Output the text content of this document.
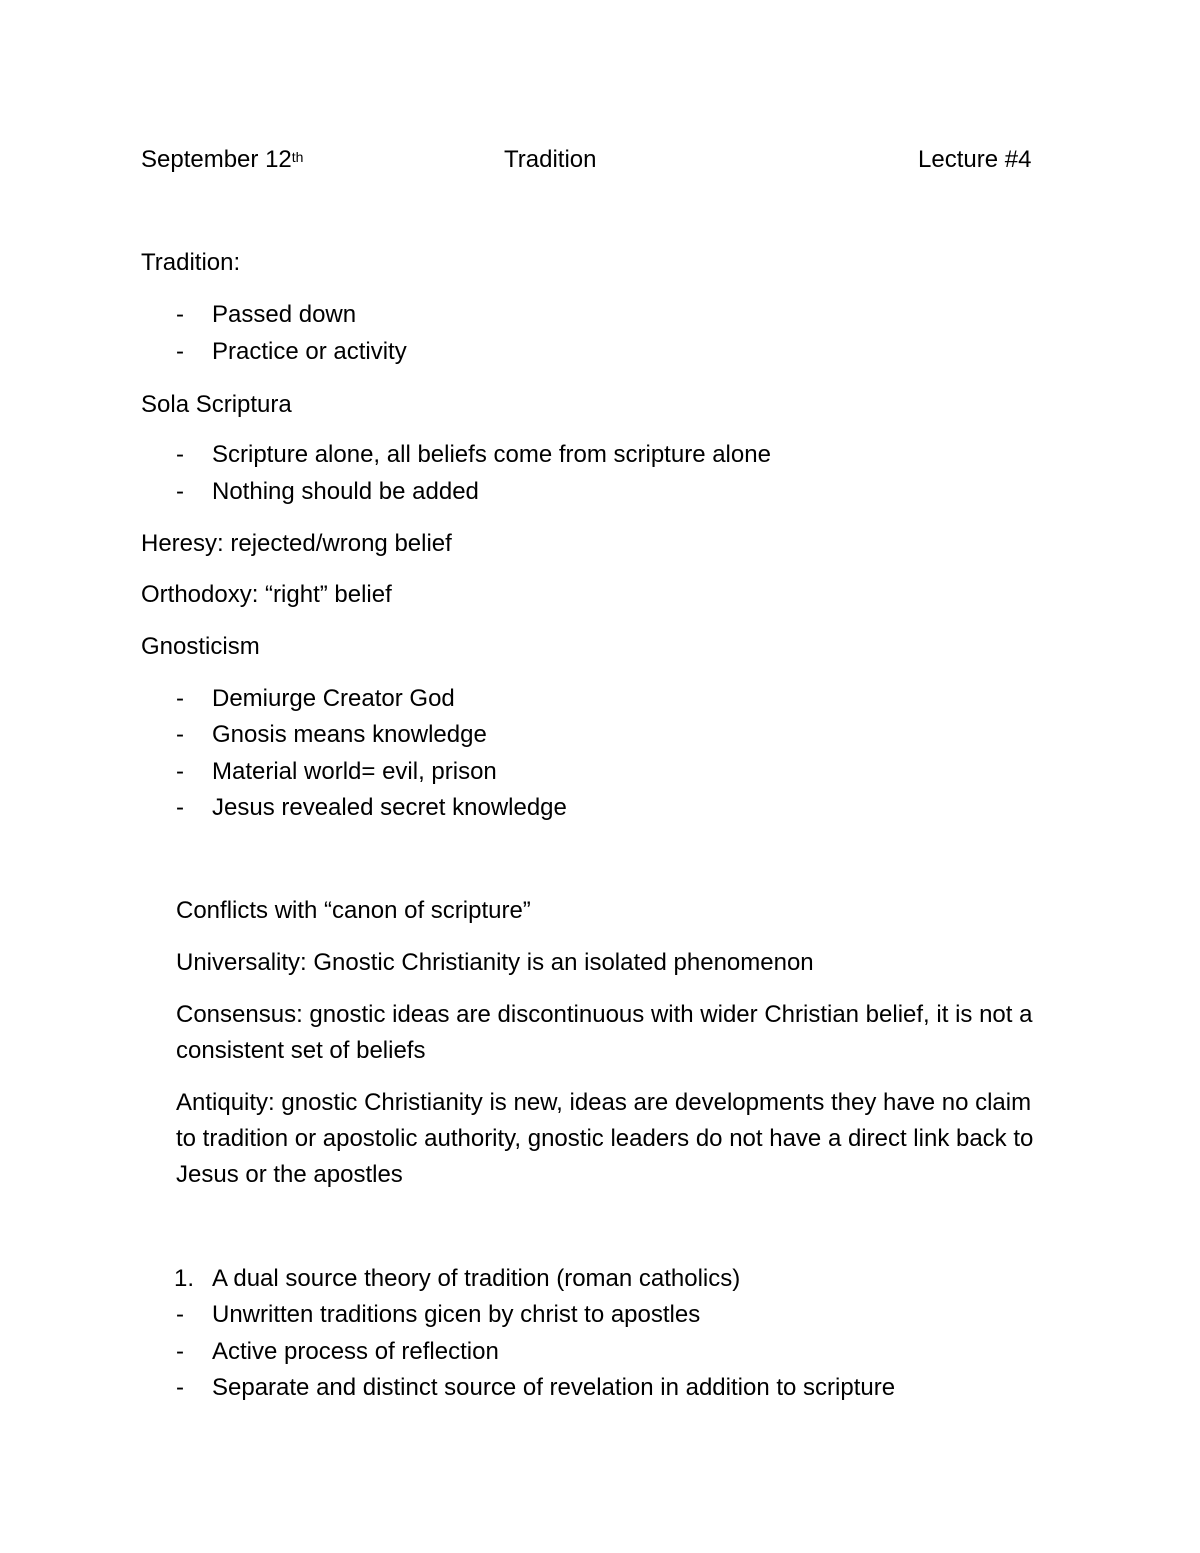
September 12th	Tradition	Lecture #4
Tradition:
- Passed down
- Practice or activity
Sola Scriptura
- Scripture alone, all beliefs come from scripture alone
- Nothing should be added
Heresy: rejected/wrong belief
Orthodoxy: “right” belief
Gnosticism
- Demiurge Creator God
- Gnosis means knowledge
- Material world= evil, prison
- Jesus revealed secret knowledge
Conflicts with “canon of scripture”
Universality: Gnostic Christianity is an isolated phenomenon
Consensus: gnostic ideas are discontinuous with wider Christian belief, it is not a consistent set of beliefs
Antiquity: gnostic Christianity is new, ideas are developments they have no claim to tradition or apostolic authority, gnostic leaders do not have a direct link back to Jesus or the apostles
1. A dual source theory of tradition (roman catholics)
- Unwritten traditions gicen by christ to apostles
- Active process of reflection
- Separate and distinct source of revelation in addition to scripture
